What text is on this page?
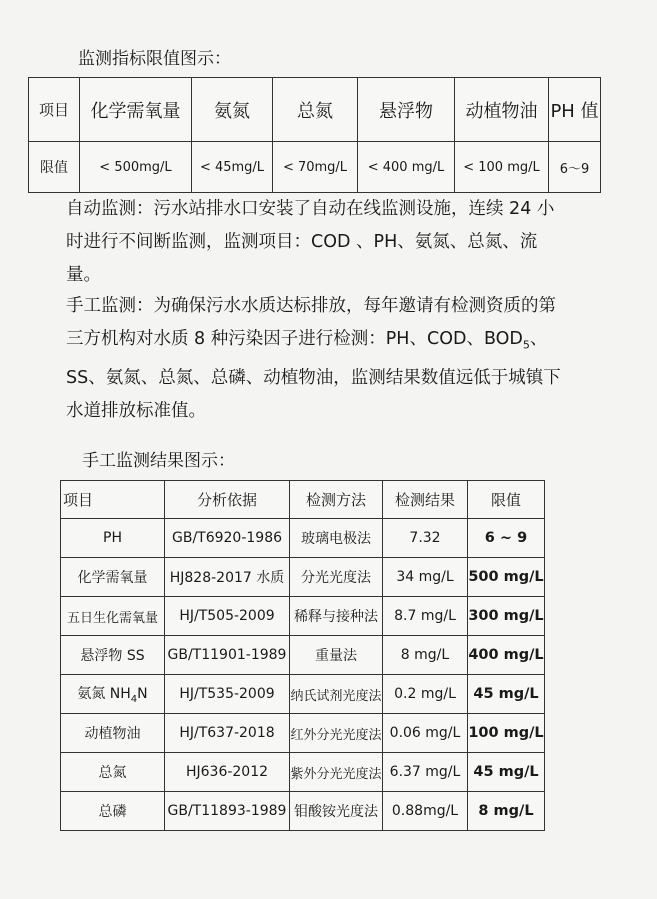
监测指标限值图示：
项目	化学需氧量	氨氮	总氮	悬浮物	动植物油	PH 值
限值	< 500mg/L	< 45mg/L	< 70mg/L	< 400 mg/L	< 100 mg/L	6～9
自动监测：污水站排水口安装了自动在线监测设施，连续 24 小时进行不间断监测，监测项目：COD 、PH、氨氮、总氮、流量。
手工监测：为确保污水水质达标排放，每年邀请有检测资质的第三方机构对水质 8 种污染因子进行检测：PH、COD、$BOD_5$、SS、氨氮、总氮、总磷、动植物油，监测结果数值远低于城镇下水道排放标准值。
手工监测结果图示：
项目	分析依据	检测方法	检测结果	限值
PH	GB/T6920-1986	玻璃电极法	7.32	6 ~ 9
化学需氧量	HJ828-2017 水质	分光光度法	34 mg/L	500 mg/L
五日生化需氧量	HJ/T505-2009	稀释与接种法	8.7 mg/L	300 mg/L
悬浮物 SS	GB/T11901-1989	重量法	8 mg/L	400 mg/L
氨氮 $NH_4N$	HJ/T535-2009	纳氏试剂光度法	0.2 mg/L	45 mg/L
动植物油	HJ/T637-2018	红外分光光度法	0.06 mg/L	100 mg/L
总氮	HJ636-2012	紫外分光光度法	6.37 mg/L	45 mg/L
总磷	GB/T11893-1989	钼酸铵光度法	0.88mg/L	8 mg/L
